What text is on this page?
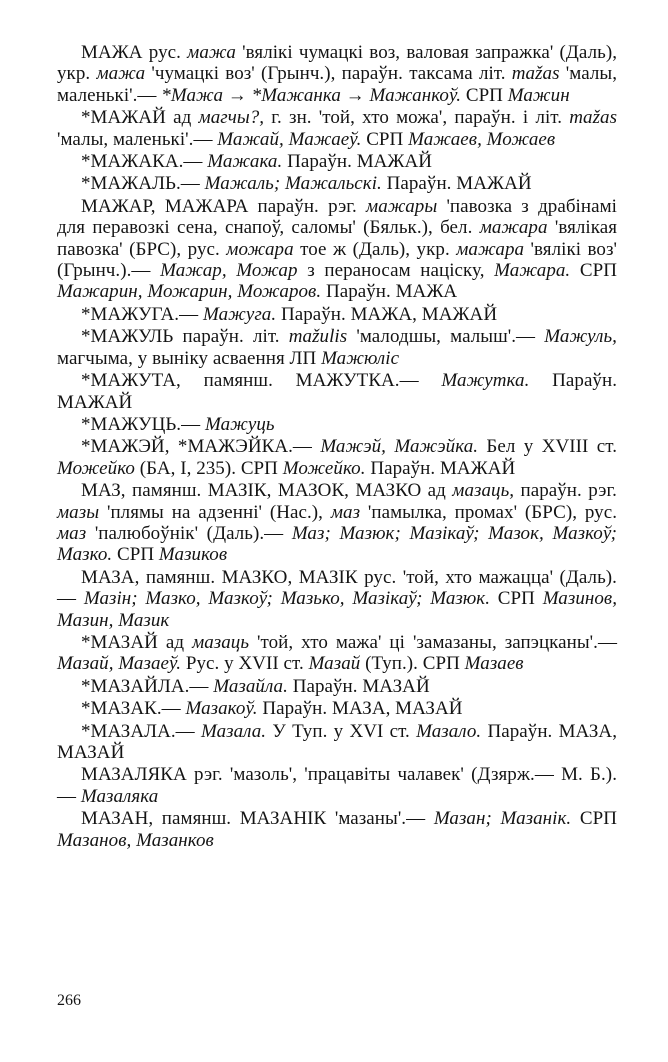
МАЖА рус. мажа 'вялікі чумацкі воз, валовая запражка' (Даль), укр. мажа 'чумацкі воз' (Грынч.), параўн. таксама літ. mažas 'малы, маленькі'.— *Мажа → *Мажанка → Мажанкоў. СРП Мажин

*МАЖАЙ ад магчы?, г. зн. 'той, хто можа', параўн. і літ. mažas 'малы, маленькі'.— Мажай, Мажаеў. СРП Мажаев, Можаев

*МАЖАКА.— Мажака. Параўн. МАЖАЙ

*МАЖАЛЬ.— Мажаль; Мажальскі. Параўн. МАЖАЙ

МАЖАР, МАЖАРА параўн. рэг. мажары 'павозка з драбінамі для перавозкі сена, снапоў, саломы' (Бяльк.), бел. мажара 'вялікая павозка' (БРС), рус. можара тое ж (Даль), укр. мажара 'вялікі воз' (Грынч.).— Мажар, Можар з пераносам націску, Мажара. СРП Мажарин, Можарин, Можаров. Параўн. МАЖА

*МАЖУГА.— Мажуга. Параўн. МАЖА, МАЖАЙ

*МАЖУЛЬ параўн. літ. mažulis 'малодшы, малыш'.— Мажуль, магчыма, у выніку асваення ЛП Мажюліс

*МАЖУТА, памянш. МАЖУТКА.— Мажутка. Параўн. МАЖАЙ

*МАЖУЦЬ.— Мажуць

*МАЖЭЙ, *МАЖЭЙКА.— Мажэй, Мажэйка. Бел у XVIII ст. Можейко (БА, І, 235). СРП Можейко. Параўн. МАЖАЙ

МАЗ, памянш. МАЗІК, МАЗОК, МАЗКО ад мазаць, параўн. рэг. мазы 'плямы на адзенні' (Нас.), маз 'памылка, промах' (БРС), рус. маз 'палюбоўнік' (Даль).— Маз; Мазюк; Мазікаў; Мазок, Мазкоў; Мазко. СРП Мазиков

МАЗА, памянш. МАЗКО, МАЗІК рус. 'той, хто мажацца' (Даль).— Мазін; Мазко, Мазкоў; Мазько, Мазікаў; Мазюк. СРП Мазинов, Мазин, Мазик

*МАЗАЙ ад мазаць 'той, хто мажа' ці 'замазаны, запэцканы'.— Мазай, Мазаеў. Рус. у XVII ст. Мазай (Туп.). СРП Мазаев

*МАЗАЙЛА.— Мазайла. Параўн. МАЗАЙ

*МАЗАК.— Мазакоў. Параўн. МАЗА, МАЗАЙ

*МАЗАЛА.— Мазала. У Туп. у XVI ст. Мазало. Параўн. МАЗА, МАЗАЙ

МАЗАЛЯКА рэг. 'мазоль', 'працавіты чалавек' (Дзярж.— М. Б.).— Мазаляка

МАЗАН, памянш. МАЗАНІК 'мазаны'.— Мазан; Мазанік. СРП Мазанов, Мазанков

266
